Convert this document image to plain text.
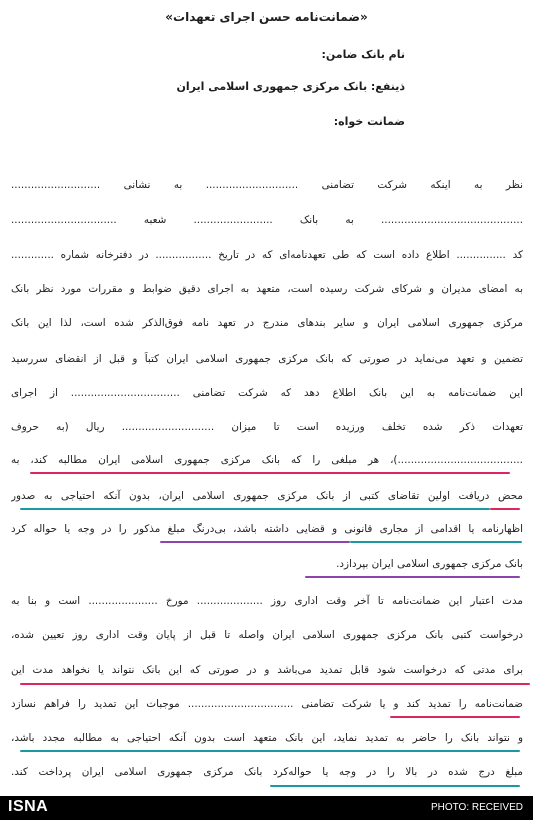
«ضمانت‌نامه حسن اجرای تعهدات»
نام بانک ضامن:
ذینفع: بانک مرکزی جمهوری اسلامی ایران
ضمانت خواه:
نظر به اینکه شرکت تضامنی ............................ به نشانی ...........................
........................................... به بانک ........................ شعبه ................................
کد ............... اطلاع داده است که طی تعهدنامه‌ای که در تاریخ ................. در دفترخانه شماره .............
به امضای مدیران و شرکای شرکت رسیده است، متعهد به اجرای دقیق ضوابط و مقررات مورد نظر بانک
مرکزی جمهوری اسلامی ایران و سایر بندهای مندرج در تعهد نامه فوق‌الذکر شده است، لذا این بانک
تضمین و تعهد می‌نماید در صورتی که بانک مرکزی جمهوری اسلامی ایران کتباً و قبل از انقضای سررسید
این ضمانت‌نامه به این بانک اطلاع دهد که شرکت تضامنی ................................. از اجرای
تعهدات ذکر شده تخلف ورزیده است تا میزان ............................ ریال (به حروف
......................................)، هر مبلغی را که بانک مرکزی جمهوری اسلامی ایران مطالبه کند، به
محض دریافت اولین تقاضای کتبی از بانک مرکزی جمهوری اسلامی ایران، بدون آنکه احتیاجی به صدور
اظهارنامه یا اقدامی از مجاری قانونی و قضایی داشته باشد، بی‌درنگ مبلغ مذکور را در وجه یا حواله کرد
بانک مرکزی جمهوری اسلامی ایران بپردازد.
مدت اعتبار این ضمانت‌نامه تا آخر وقت اداری روز .................... مورخ ..................... است و بنا به
درخواست کتبی بانک مرکزی جمهوری اسلامی ایران واصله تا قبل از پایان وقت اداری روز تعیین شده،
برای مدتی که درخواست شود قابل تمدید می‌باشد و در صورتی که این بانک نتواند یا نخواهد مدت این
ضمانت‌نامه را تمدید کند و یا شرکت تضامنی ................................ موجبات این تمدید را فراهم نسازد
و نتواند بانک را حاضر به تمدید نماید، این بانک متعهد است بدون آنکه احتیاجی به مطالبه مجدد باشد،
مبلغ درج شده در بالا را در وجه یا حواله‌کرد بانک مرکزی جمهوری اسلامی ایران پرداخت کند.
ISNA	PHOTO: RECEIVED
